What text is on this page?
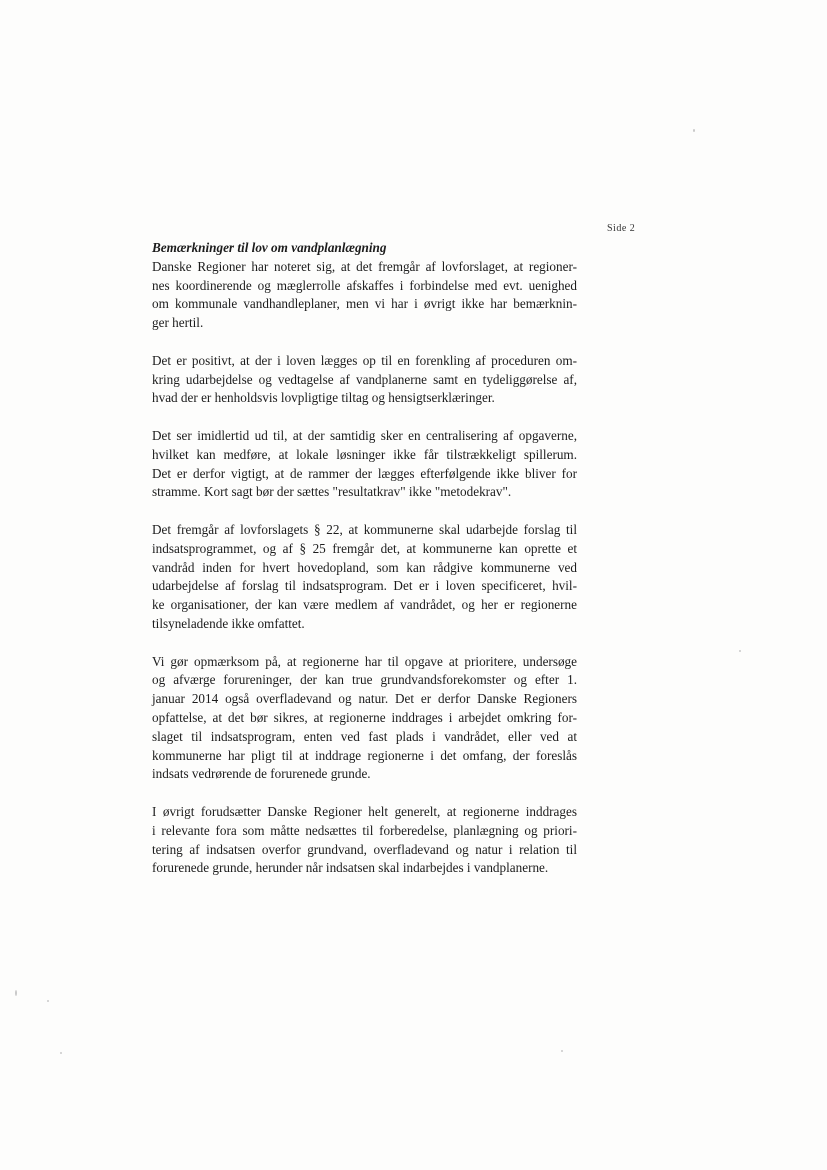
Side 2

Bemærkninger til lov om vandplanlægning

Danske Regioner har noteret sig, at det fremgår af lovforslaget, at regioner-
nes koordinerende og mæglerrolle afskaffes i forbindelse med evt. uenighed
om kommunale vandhandleplaner, men vi har i øvrigt ikke har bemærknin-
ger hertil.
Det er positivt, at der i loven lægges op til en forenkling af proceduren om-
kring udarbejdelse og vedtagelse af vandplanerne samt en tydeliggørelse af,
hvad der er henholdsvis lovpligtige tiltag og hensigtserklæringer.
Det ser imidlertid ud til, at der samtidig sker en centralisering af opgaverne,
hvilket kan medføre, at lokale løsninger ikke får tilstrækkeligt spillerum.
Det er derfor vigtigt, at de rammer der lægges efterfølgende ikke bliver for
stramme. Kort sagt bør der sættes "resultatkrav" ikke "metodekrav".
Det fremgår af lovforslagets § 22, at kommunerne skal udarbejde forslag til
indsatsprogrammet, og af § 25 fremgår det, at kommunerne kan oprette et
vandråd inden for hvert hovedopland, som kan rådgive kommunerne ved
udarbejdelse af forslag til indsatsprogram. Det er i loven specificeret, hvil-
ke organisationer, der kan være medlem af vandrådet, og her er regionerne
tilsyneladende ikke omfattet.
Vi gør opmærksom på, at regionerne har til opgave at prioritere, undersøge
og afværge forureninger, der kan true grundvandsforekomster og efter 1.
januar 2014 også overfladevand og natur. Det er derfor Danske Regioners
opfattelse, at det bør sikres, at regionerne inddrages i arbejdet omkring for-
slaget til indsatsprogram, enten ved fast plads i vandrådet, eller ved at
kommunerne har pligt til at inddrage regionerne i det omfang, der foreslås
indsats vedrørende de forurenede grunde.
I øvrigt forudsætter Danske Regioner helt generelt, at regionerne inddrages
i relevante fora som måtte nedsættes til forberedelse, planlægning og priori-
tering af indsatsen overfor grundvand, overfladevand og natur i relation til
forurenede grunde, herunder når indsatsen skal indarbejdes i vandplanerne.
